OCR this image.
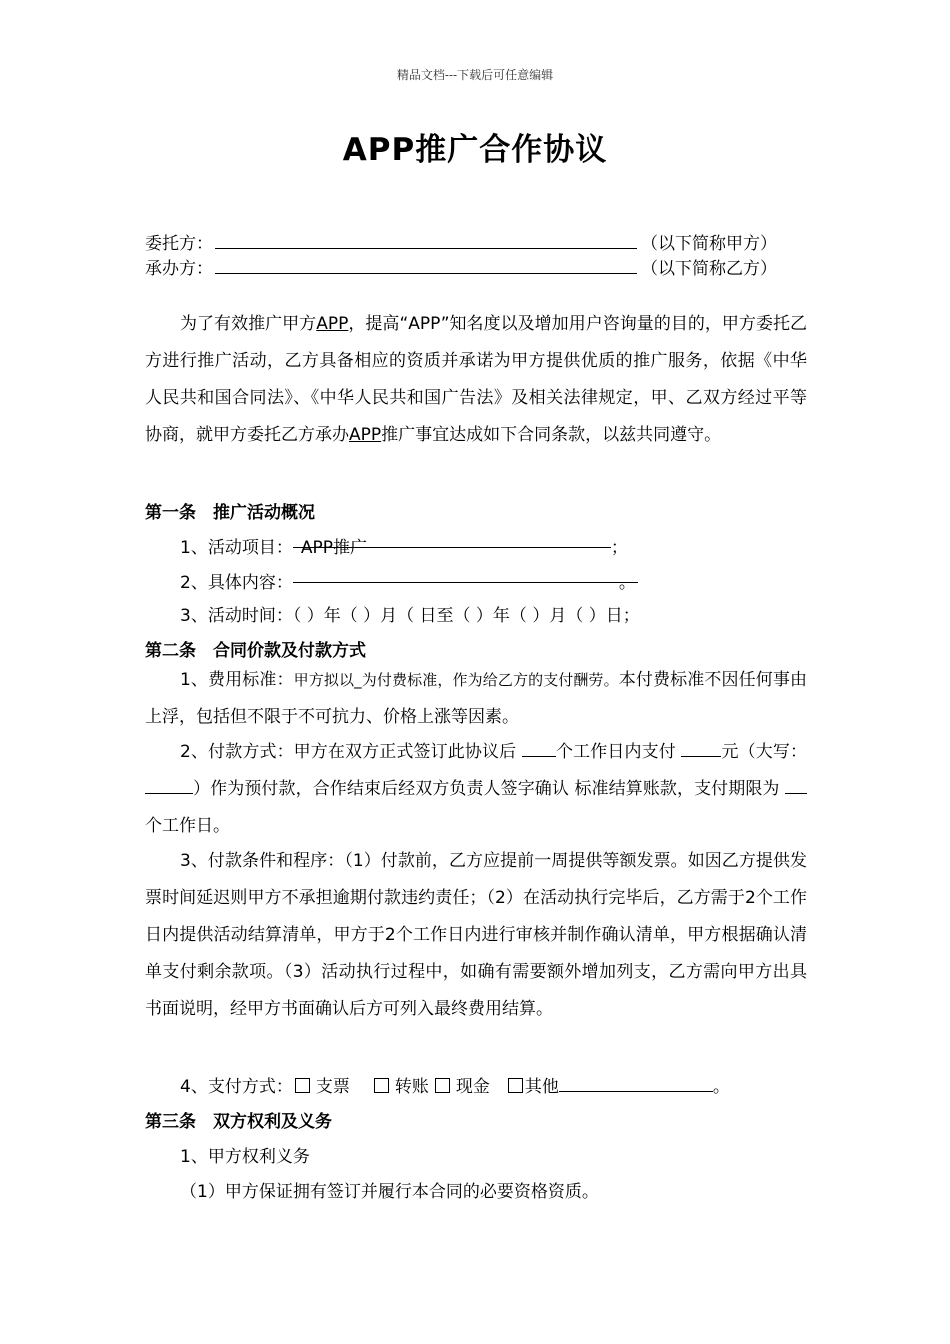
精品文档---下载后可任意编辑
APP推广合作协议
委托方：	（以下简称甲方）
承办方：	（以下简称乙方）

为了有效推广甲方APP，提高“APP”知名度以及增加用户咨询量的目的，甲方委托乙方进行推广活动，乙方具备相应的资质并承诺为甲方提供优质的推广服务，依据《中华人民共和国合同法》、《中华人民共和国广告法》及相关法律规定，甲、乙双方经过平等协商，就甲方委托乙方承办APP推广事宜达成如下合同条款，以兹共同遵守。

第一条　推广活动概况
1、活动项目： APP推广	；
2、具体内容：	。
3、活动时间：（ ）年（ ）月（ 日至（ ）年（ ）月（ ）日；
第二条　合同价款及付款方式

1、费用标准：甲方拟以_为付费标准，作为给乙方的支付酬劳。本付费标准不因任何事由上浮，包括但不限于不可抗力、价格上涨等因素。

2、付款方式：甲方在双方正式签订此协议后 个工作日内支付 元（大写： ）作为预付款，合作结束后经双方负责人签字确认 标准结算账款，支付期限为 个工作日。

3、付款条件和程序：（1）付款前，乙方应提前一周提供等额发票。如因乙方提供发票时间延迟则甲方不承担逾期付款违约责任；（2）在活动执行完毕后，乙方需于2个工作日内提供活动结算清单，甲方于2个工作日内进行审核并制作确认清单，甲方根据确认清单支付剩余款项。（3）活动执行过程中，如确有需要额外增加列支，乙方需向甲方出具书面说明，经甲方书面确认后方可列入最终费用结算。

4、支付方式： 支票	转账 现金 其他	。
第三条　双方权利及义务
1、甲方权利义务
（1）甲方保证拥有签订并履行本合同的必要资格资质。
